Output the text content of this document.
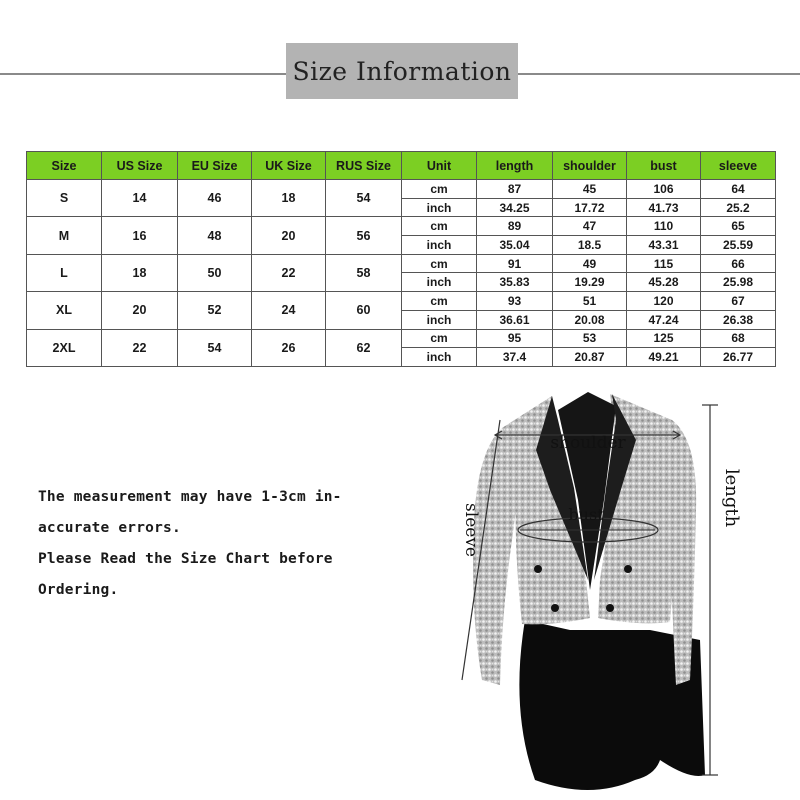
Size Information
Size	US Size	EU Size	UK Size	RUS Size	Unit	length	shoulder	bust	sleeve
S	14	46	18	54	cm	87	45	106	64
					inch	34.25	17.72	41.73	25.2
M	16	48	20	56	cm	89	47	110	65
					inch	35.04	18.5	43.31	25.59
L	18	50	22	58	cm	91	49	115	66
					inch	35.83	19.29	45.28	25.98
XL	20	52	24	60	cm	93	51	120	67
					inch	36.61	20.08	47.24	26.38
2XL	22	54	26	62	cm	95	53	125	68
					inch	37.4	20.87	49.21	26.77
The measurement may have 1-3cm in-
accurate errors.
Please Read the Size Chart before
Ordering.
shoulder
bust
sleeve
length
